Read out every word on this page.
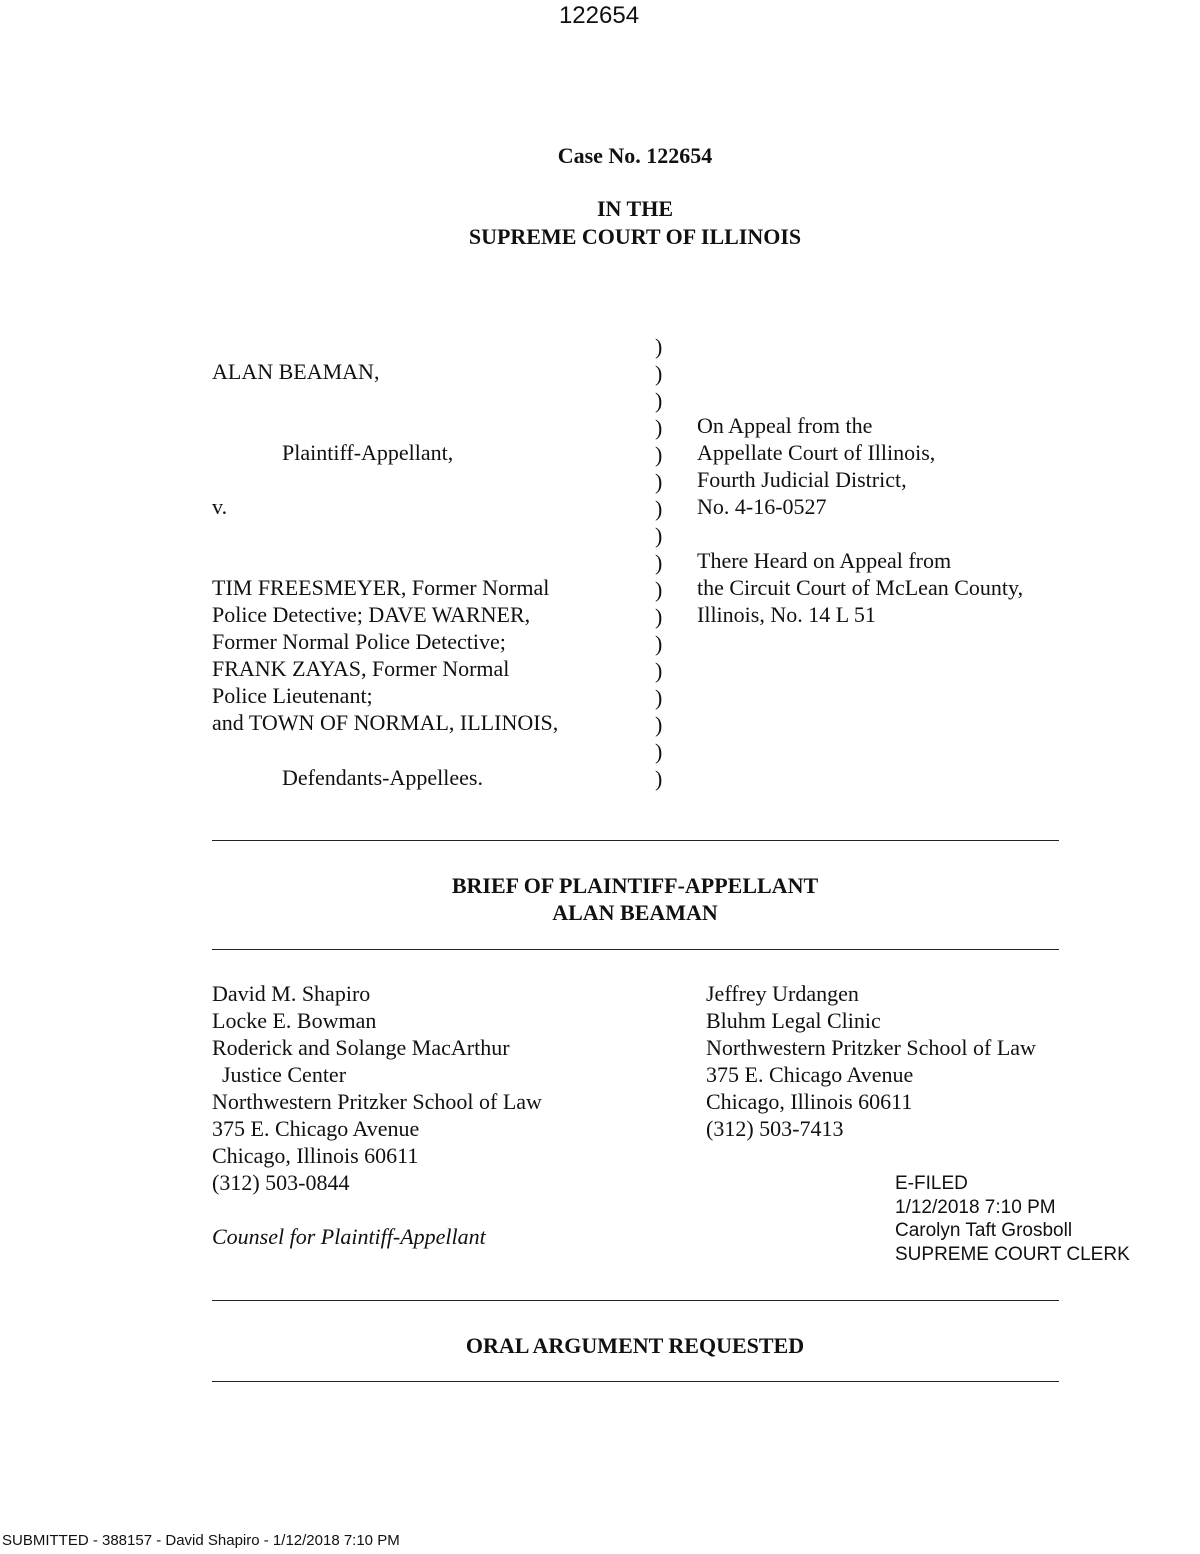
122654
Case No. 122654
IN THE
SUPREME COURT OF ILLINOIS
ALAN BEAMAN,
Plaintiff-Appellant,
v.
TIM FREESMEYER, Former Normal
Police Detective; DAVE WARNER,
Former Normal Police Detective;
FRANK ZAYAS, Former Normal
Police Lieutenant;
and TOWN OF NORMAL, ILLINOIS,
Defendants-Appellees.
)
)
)
)
)
)
)
)
)
)
)
)
)
)
)
)
)
On Appeal from the
Appellate Court of Illinois,
Fourth Judicial District,
No. 4-16-0527
There Heard on Appeal from
the Circuit Court of McLean County,
Illinois, No. 14 L 51
BRIEF OF PLAINTIFF-APPELLANT
ALAN BEAMAN
David M. Shapiro
Locke E. Bowman
Roderick and Solange MacArthur
Justice Center
Northwestern Pritzker School of Law
375 E. Chicago Avenue
Chicago, Illinois 60611
(312) 503-0844
Jeffrey Urdangen
Bluhm Legal Clinic
Northwestern Pritzker School of Law
375 E. Chicago Avenue
Chicago, Illinois 60611
(312) 503-7413
Counsel for Plaintiff-Appellant
E-FILED
1/12/2018 7:10 PM
Carolyn Taft Grosboll
SUPREME COURT CLERK
ORAL ARGUMENT REQUESTED
SUBMITTED - 388157 - David Shapiro - 1/12/2018 7:10 PM
